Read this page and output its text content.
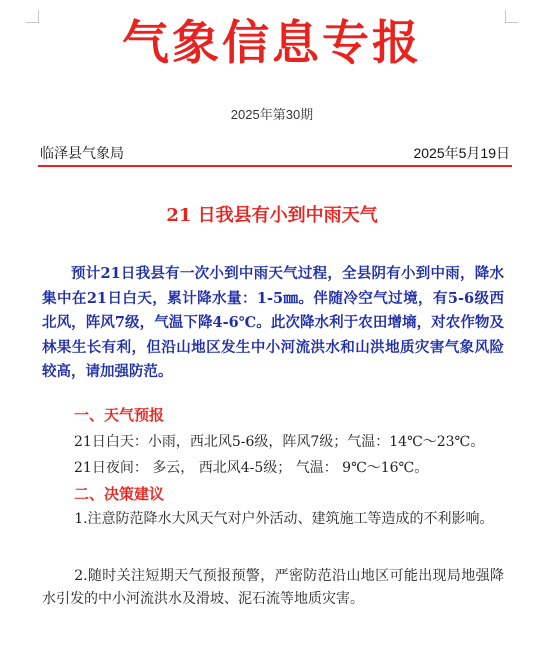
气象信息专报
2025年第30期
临泽县气象局	2025年5月19日
21 日我县有小到中雨天气

预计21日我县有一次小到中雨天气过程，全县阴有小到中雨，降水集中在21日白天，累计降水量：1-5㎜。伴随冷空气过境，有5-6级西北风，阵风7级，气温下降4-6℃。此次降水利于农田增墒，对农作物及林果生长有利，但沿山地区发生中小河流洪水和山洪地质灾害气象风险较高，请加强防范。

一、天气预报

21日白天：小雨，西北风5-6级，阵风7级；气温：14℃～23℃。

21日夜间： 多云， 西北风4-5级； 气温： 9℃～16℃。

二、决策建议

1.注意防范降水大风天气对户外活动、建筑施工等造成的不利影响。

2.随时关注短期天气预报预警，严密防范沿山地区可能出现局地强降水引发的中小河流洪水及滑坡、泥石流等地质灾害。
